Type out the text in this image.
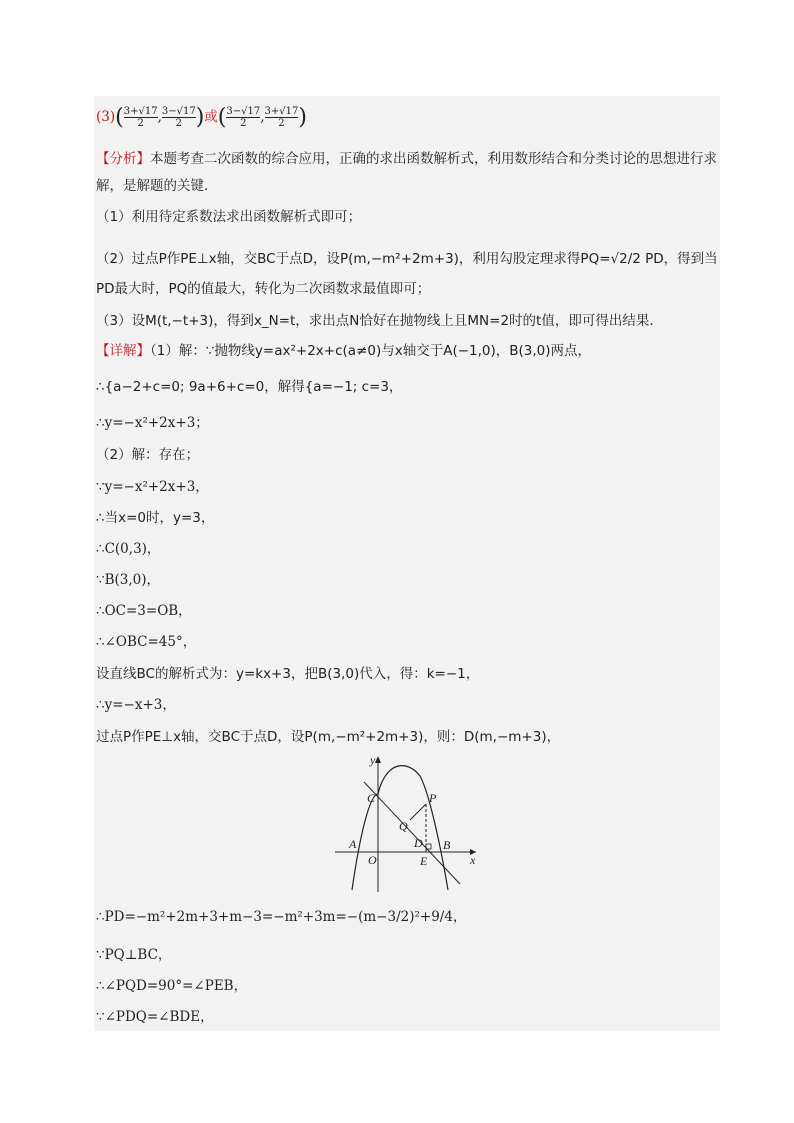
$(3)( \frac{3+√17}{2}$ , $\frac{3-√17}{2}$ )或( $\frac{3-√17}{2}$ , $\frac{3+√17}{2}$ )
【分析】本题考查二次函数的综合应用，正确的求出函数解析式，利用数形结合和分类讨论的思想进行求解，是解题的关键．
（1）利用待定系数法求出函数解析式即可；
（2）过点P作PE⊥x轴，交BC于点D，设P(m,−m²+2m+3)，利用勾股定理求得PQ=√2/2 PD，得到当PD最大时，PQ的值最大，转化为二次函数求最值即可；
（3）设M(t,−t+3)，得到x_N=t，求出点N恰好在抛物线上且MN=2时的t值，即可得出结果．
【详解】（1）解：∵抛物线y=ax²+2x+c(a≠0)与x轴交于A(−1,0)，B(3,0)两点，
∴{a−2+c=0; 9a+6+c=0，解得{a=−1; c=3，
∴y=−x²+2x+3；
（2）解：存在；
∵y=−x²+2x+3，
∴当x=0时，y=3，
∴C(0,3)，
∵B(3,0)，
∴OC=3=OB，
∴∠OBC=45°，
设直线BC的解析式为：y=kx+3，把B(3,0)代入，得：k=−1，
∴y=−x+3，
过点P作PE⊥x轴，交BC于点D，设P(m,−m²+2m+3)，则：D(m,−m+3)，
y
x
C	P
Q
A
O
D B
E
∴PD=−m²+2m+3+m−3=−m²+3m=−(m−3/2)²+9/4，
∵PQ⊥BC，
∴∠PQD=90°=∠PEB，
∵∠PDQ=∠BDE，
